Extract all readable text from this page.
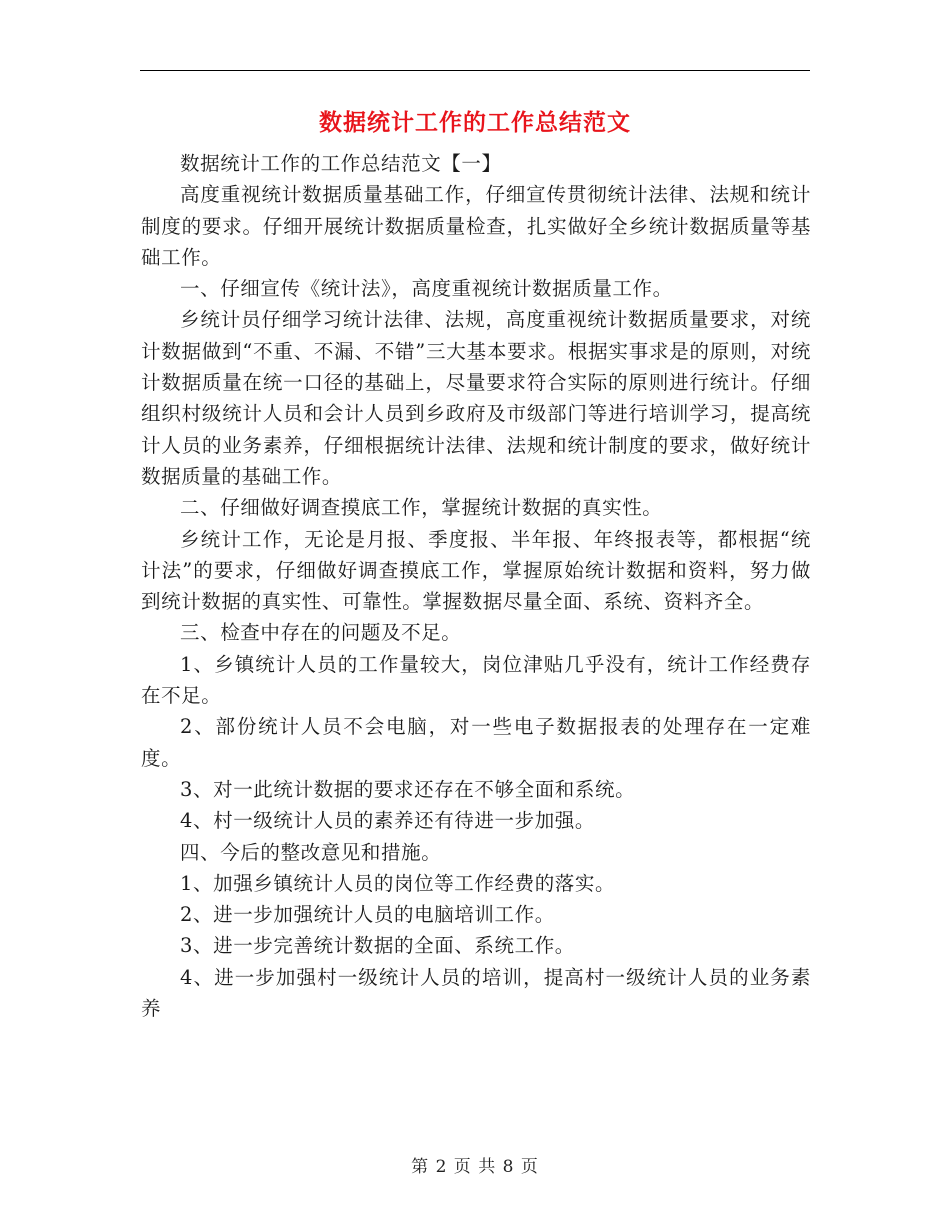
数据统计工作的工作总结范文

数据统计工作的工作总结范文【一】

高度重视统计数据质量基础工作，仔细宣传贯彻统计法律、法规和统计制度的要求。仔细开展统计数据质量检查，扎实做好全乡统计数据质量等基础工作。

一、仔细宣传《统计法》，高度重视统计数据质量工作。

乡统计员仔细学习统计法律、法规，高度重视统计数据质量要求，对统计数据做到“不重、不漏、不错”三大基本要求。根据实事求是的原则，对统计数据质量在统一口径的基础上，尽量要求符合实际的原则进行统计。仔细组织村级统计人员和会计人员到乡政府及市级部门等进行培训学习，提高统计人员的业务素养，仔细根据统计法律、法规和统计制度的要求，做好统计数据质量的基础工作。

二、仔细做好调查摸底工作，掌握统计数据的真实性。

乡统计工作，无论是月报、季度报、半年报、年终报表等，都根据“统计法”的要求，仔细做好调查摸底工作，掌握原始统计数据和资料，努力做到统计数据的真实性、可靠性。掌握数据尽量全面、系统、资料齐全。

三、检查中存在的问题及不足。

1、乡镇统计人员的工作量较大，岗位津贴几乎没有，统计工作经费存在不足。

2、部份统计人员不会电脑，对一些电子数据报表的处理存在一定难度。

3、对一此统计数据的要求还存在不够全面和系统。

4、村一级统计人员的素养还有待进一步加强。

四、今后的整改意见和措施。

1、加强乡镇统计人员的岗位等工作经费的落实。

2、进一步加强统计人员的电脑培训工作。

3、进一步完善统计数据的全面、系统工作。

4、进一步加强村一级统计人员的培训，提高村一级统计人员的业务素养

第 2 页 共 8 页
